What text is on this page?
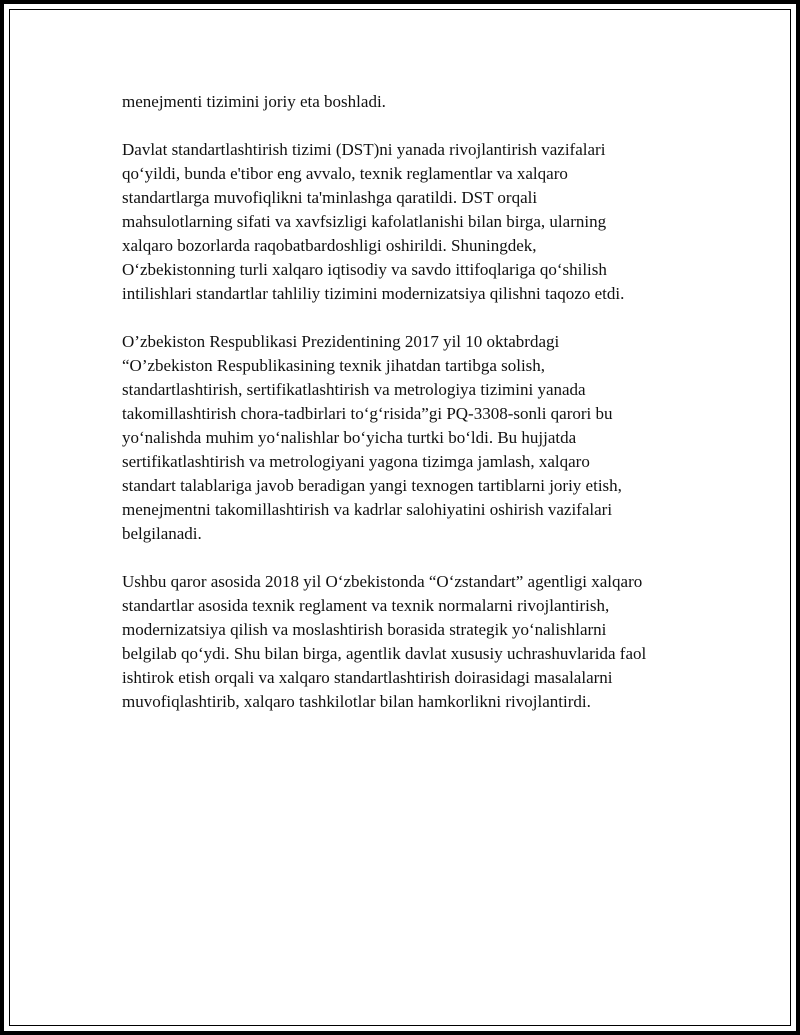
menejmenti tizimini joriy eta boshladi.

Davlat standartlashtirish tizimi (DST)ni yanada rivojlantirish vazifalari
qo‘yildi, bunda e'tibor eng avvalo, texnik reglamentlar va xalqaro
standartlarga muvofiqlikni ta'minlashga qaratildi. DST orqali
mahsulotlarning sifati va xavfsizligi kafolatlanishi bilan birga, ularning
xalqaro bozorlarda raqobatbardoshligi oshirildi. Shuningdek,
O‘zbekistonning turli xalqaro iqtisodiy va savdo ittifoqlariga qo‘shilish
intilishlari standartlar tahliliy tizimini modernizatsiya qilishni taqozo etdi.

O’zbekiston Respublikasi Prezidentining 2017 yil 10 oktabrdagi
“O’zbekiston Respublikasining texnik jihatdan tartibga solish,
standartlashtirish, sertifikatlashtirish va metrologiya tizimini yanada
takomillashtirish chora-tadbirlari to‘g‘risida”gi PQ-3308-sonli qarori bu
yo‘nalishda muhim yo‘nalishlar bo‘yicha turtki bo‘ldi. Bu hujjatda
sertifikatlashtirish va metrologiyani yagona tizimga jamlash, xalqaro
standart talablariga javob beradigan yangi texnogen tartiblarni joriy etish,
menejmentni takomillashtirish va kadrlar salohiyatini oshirish vazifalari
belgilanadi.

Ushbu qaror asosida 2018 yil O‘zbekistonda “O‘zstandart” agentligi xalqaro
standartlar asosida texnik reglament va texnik normalarni rivojlantirish,
modernizatsiya qilish va moslashtirish borasida strategik yo‘nalishlarni
belgilab qo‘ydi. Shu bilan birga, agentlik davlat xususiy uchrashuvlarida faol
ishtirok etish orqali va xalqaro standartlashtirish doirasidagi masalalarni
muvofiqlashtirib, xalqaro tashkilotlar bilan hamkorlikni rivojlantirdi.
